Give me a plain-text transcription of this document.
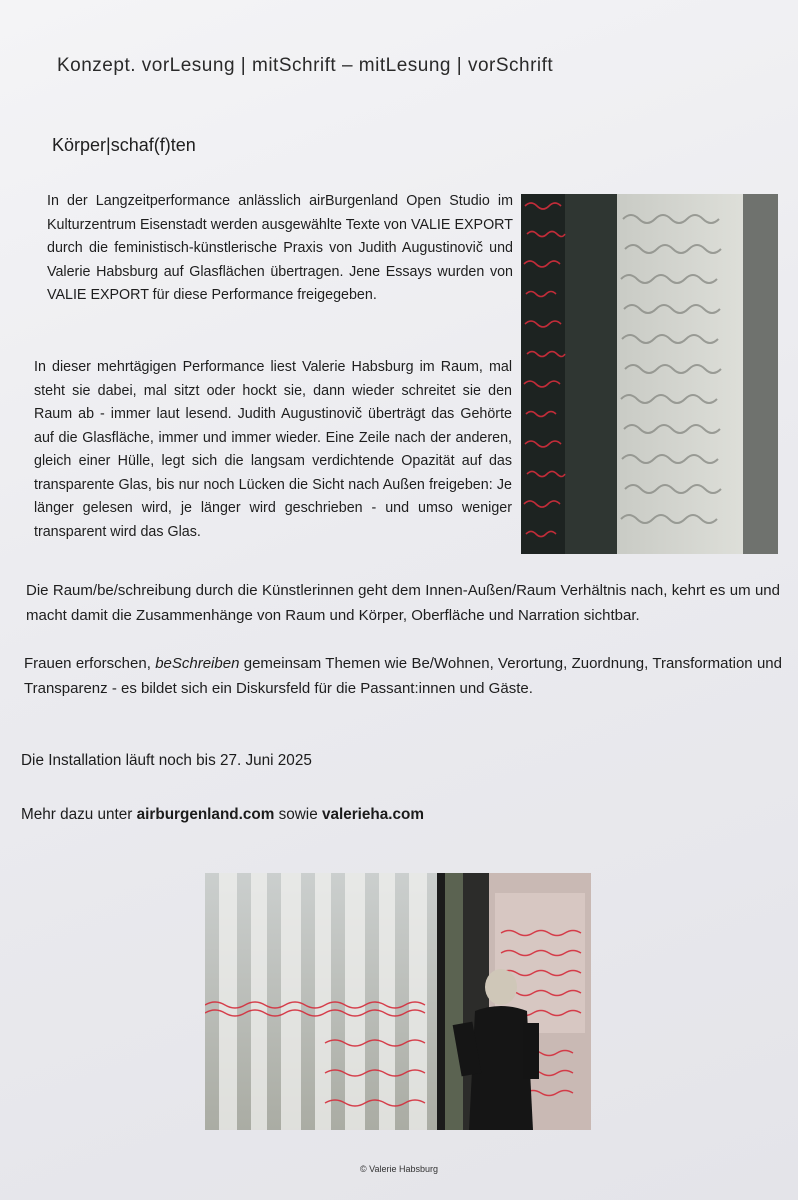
Konzept. vorLesung | mitSchrift – mitLesung | vorSchrift
Körper|schaf(f)ten
In der Langzeitperformance anlässlich airBurgenland Open Studio im Kulturzentrum Eisenstadt werden ausgewählte Texte von VALIE EXPORT durch die feministisch-künstlerische Praxis von Judith Augustinovič und Valerie Habsburg auf Glasflächen übertragen. Jene Essays wurden von VALIE EXPORT für diese Performance freigegeben.
In dieser mehrtägigen Performance liest Valerie Habsburg im Raum, mal steht sie dabei, mal sitzt oder hockt sie, dann wieder schreitet sie den Raum ab - immer laut lesend. Judith Augustinovič überträgt das Gehörte auf die Glasfläche, immer und immer wieder. Eine Zeile nach der anderen, gleich einer Hülle, legt sich die langsam verdichtende Opazität auf das transparente Glas, bis nur noch Lücken die Sicht nach Außen freigeben: Je länger gelesen wird, je länger wird geschrieben - und umso weniger transparent wird das Glas.
Die Raum/be/schreibung durch die Künstlerinnen geht dem Innen-Außen/Raum Verhältnis nach, kehrt es um und macht damit die Zusammenhänge von Raum und Körper, Oberfläche und Narration sichtbar.
Frauen erforschen, beSchreiben gemeinsam Themen wie Be/Wohnen, Verortung, Zuordnung, Transformation und Transparenz - es bildet sich ein Diskursfeld für die Passant:innen und Gäste.
Die Installation läuft noch bis 27. Juni 2025
Mehr dazu unter airburgenland.com sowie valerieha.com
© Valerie Habsburg
